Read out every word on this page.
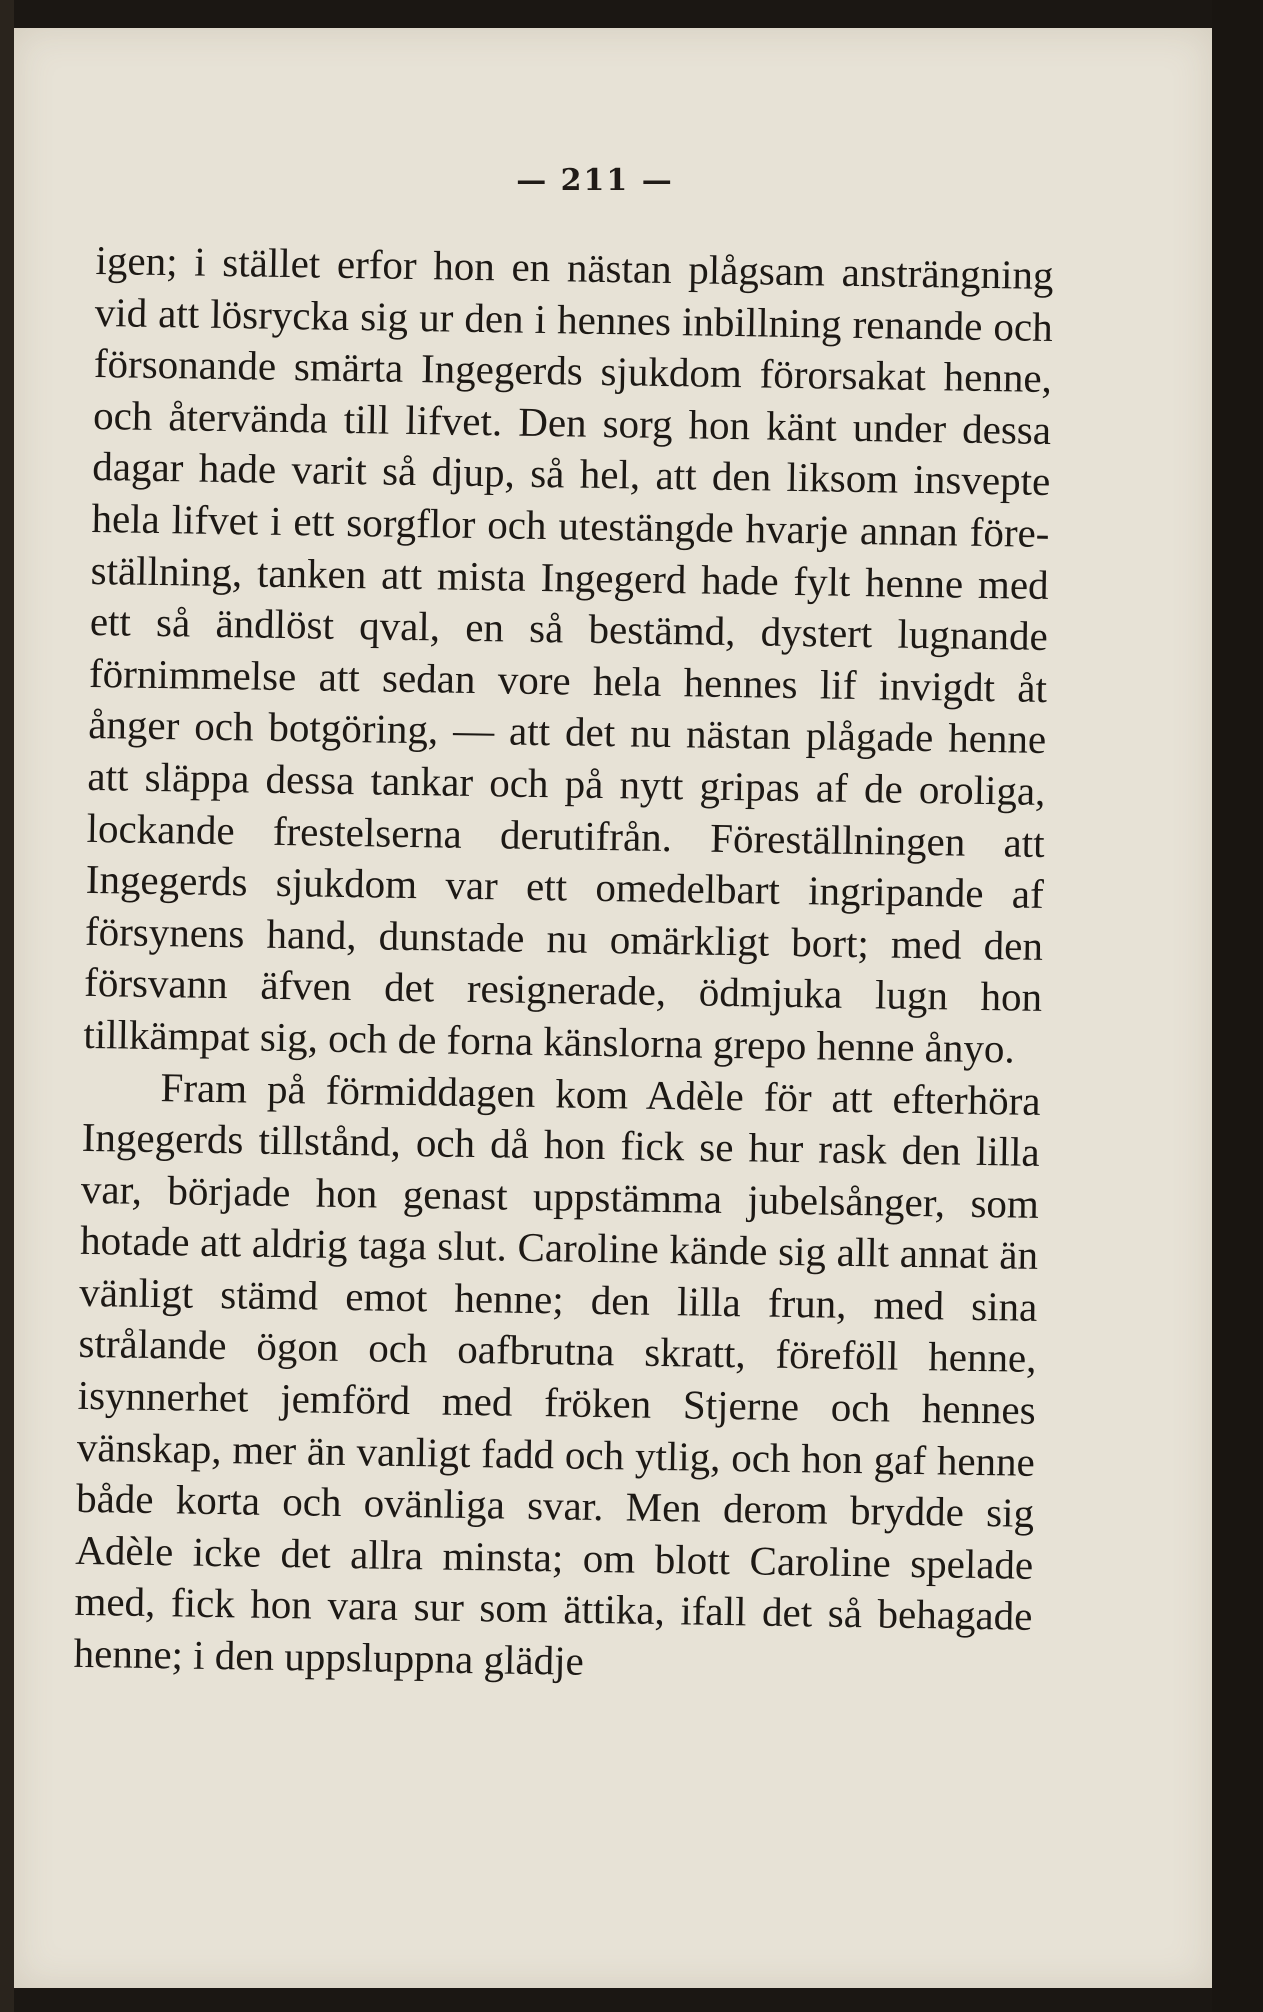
— 211 —

igen; i stället erfor hon en nästan plågsam ansträngning vid att lösrycka sig ur den i hennes inbillning renande och försonande smärta Ingegerds sjukdom förorsakat henne, och återvända till lifvet. Den sorg hon känt under dessa dagar hade varit så djup, så hel, att den liksom insvepte hela lifvet i ett sorgflor och utestängde hvarje annan föreställning, tanken att mista Ingegerd hade fylt henne med ett så ändlöst qval, en så bestämd, dystert lugnande förnimmelse att sedan vore hela hennes lif invigdt åt ånger och botgöring, — att det nu nästan plågade henne att släppa dessa tankar och på nytt gripas af de oroliga, lockande frestelserna derutifrån. Föreställningen att Ingegerds sjukdom var ett omedelbart ingripande af försynens hand, dunstade nu omärkligt bort; med den försvann äfven det resignerade, ödmjuka lugn hon tillkämpat sig, och de forna känslorna grepo henne ånyo.

Fram på förmiddagen kom Adèle för att efterhöra Ingegerds tillstånd, och då hon fick se hur rask den lilla var, började hon genast uppstämma jubelsånger, som hotade att aldrig taga slut. Caroline kände sig allt annat än vänligt stämd emot henne; den lilla frun, med sina strålande ögon och oafbrutna skratt, föreföll henne, isynnerhet jemförd med fröken Stjerne och hennes vänskap, mer än vanligt fadd och ytlig, och hon gaf henne både korta och ovänliga svar. Men derom brydde sig Adèle icke det allra minsta; om blott Caroline spelade med, fick hon vara sur som ättika, ifall det så behagade henne; i den uppsluppna glädje
